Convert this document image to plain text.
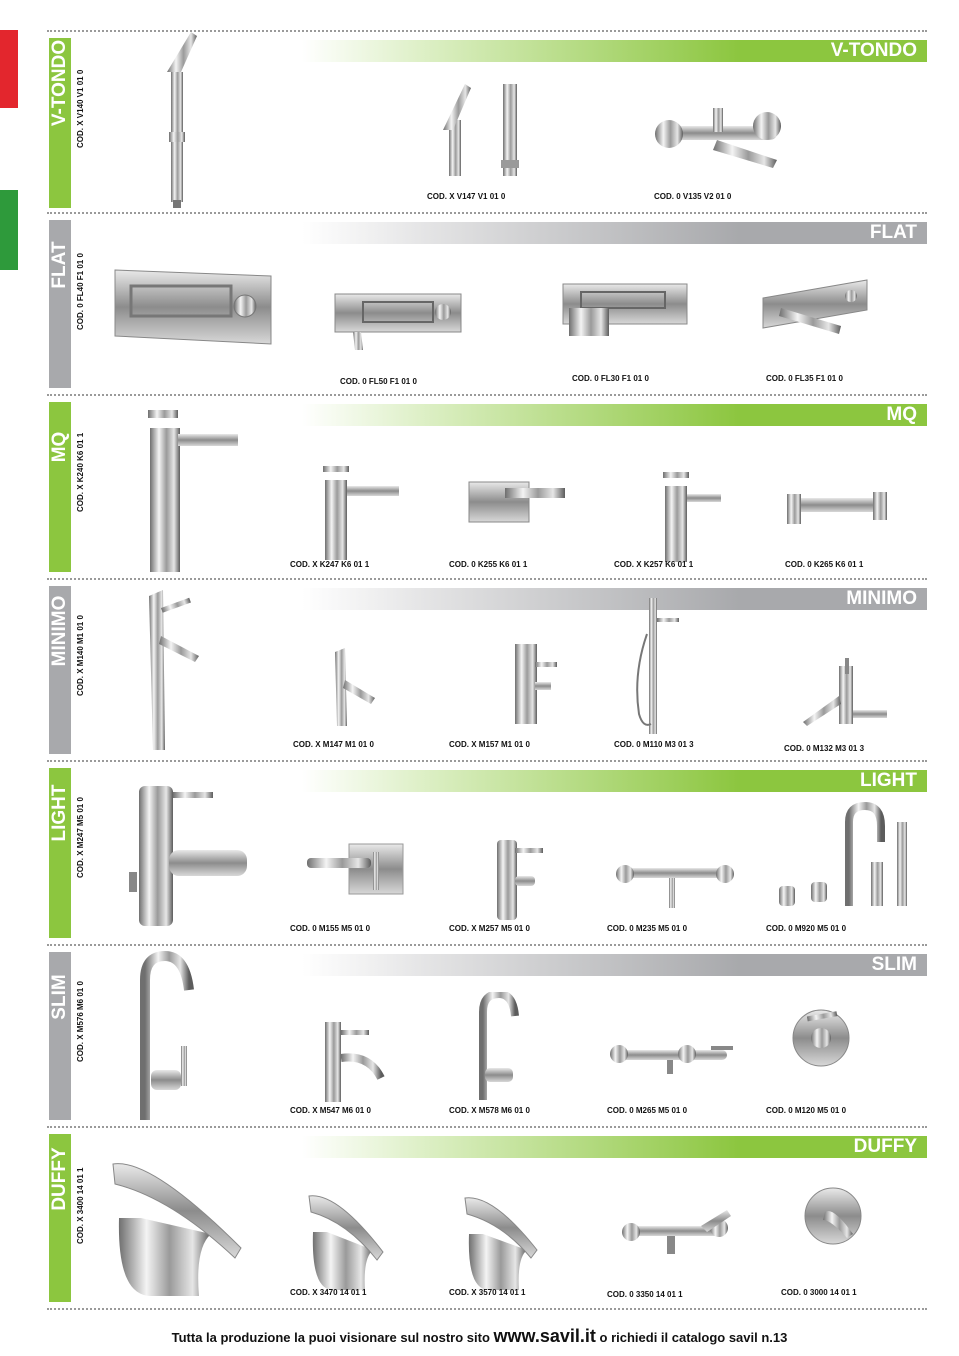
V-TONDO COD. X V140 V1 01 0
V-TONDO
COD. X V147 V1 01 0	COD. 0 V135 V2 01 0
FLAT COD. 0 FL40 F1 01 0
FLAT
COD. 0 FL50 F1 01 0	COD. 0 FL30 F1 01 0	COD. 0 FL35 F1 01 0
MQ COD. X K240 K6 01 1
MQ
COD. X K247 K6 01 1	COD. 0 K255 K6 01 1	COD. X K257 K6 01 1	COD. 0 K265 K6 01 1
MINIMO COD. X M140 M1 01 0
MINIMO
COD. X M147 M1 01 0	COD. X M157 M1 01 0	COD. 0 M110 M3 01 3	COD. 0 M132 M3 01 3
LIGHT COD. X M247 M5 01 0
LIGHT
COD. 0 M155 M5 01 0	COD. X M257 M5 01 0	COD. 0 M235 M5 01 0	COD. 0 M920 M5 01 0
SLIM COD. X M576 M6 01 0
SLIM
COD. X M547 M6 01 0	COD. X M578 M6 01 0	COD. 0 M265 M5 01 0	COD. 0 M120 M5 01 0
DUFFY COD. X 3400 14 01 1
DUFFY
COD. X 3470 14 01 1	COD. X 3570 14 01 1	COD. 0 3350 14 01 1	COD. 0 3000 14 01 1
Tutta la produzione la puoi visionare sul nostro sito www.savil.it o richiedi il catalogo savil n.13
